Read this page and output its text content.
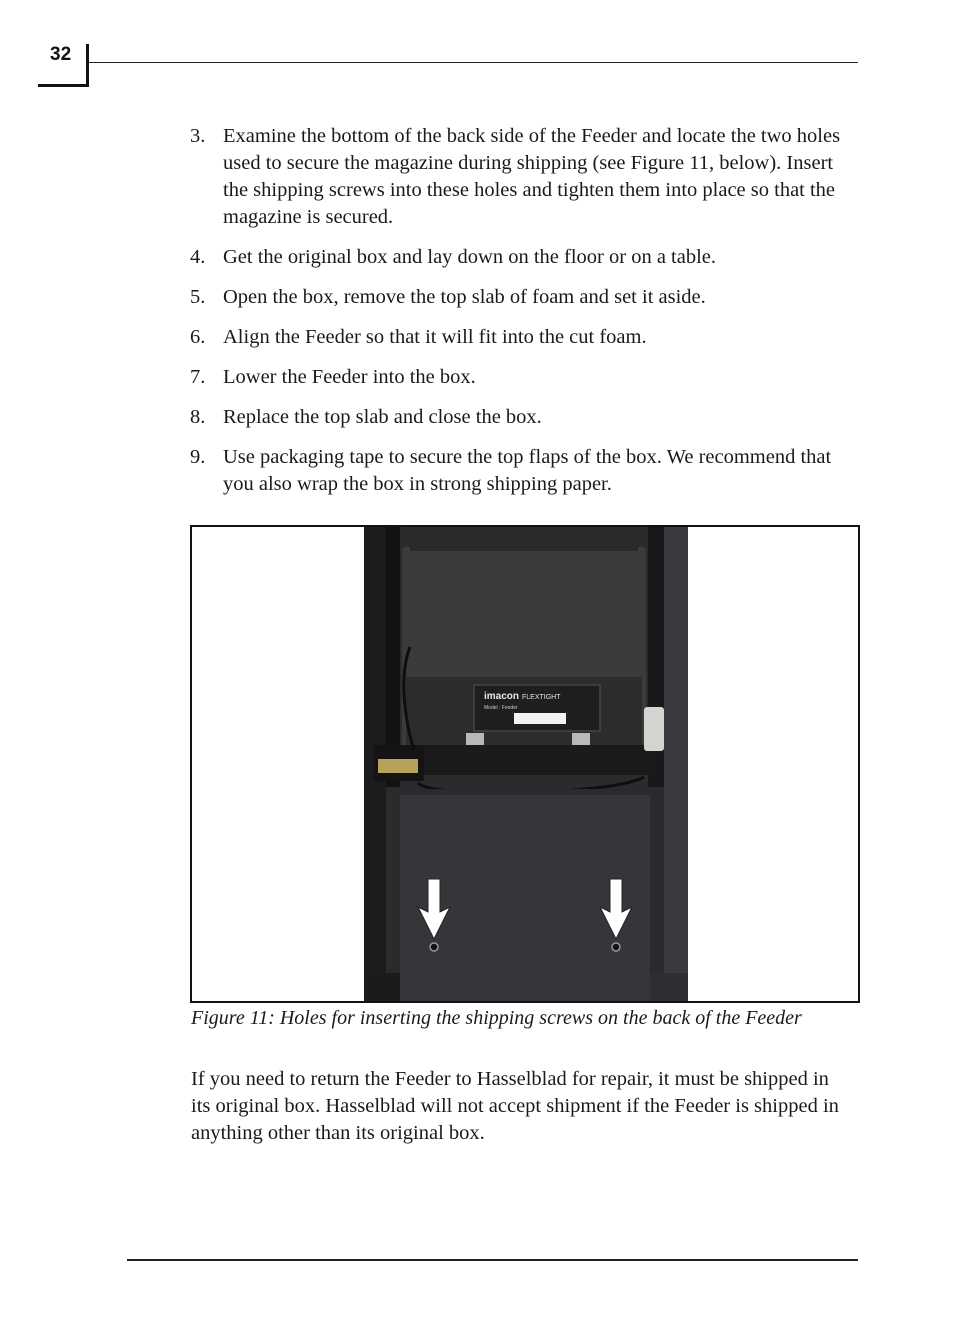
32
3. Examine the bottom of the back side of the Feeder and locate the two holes used to secure the magazine during shipping (see Figure 11, below). Insert the shipping screws into these holes and tighten them into place so that the magazine is secured.
4. Get the original box and lay down on the floor or on a table.
5. Open the box, remove the top slab of foam and set it aside.
6. Align the Feeder so that it will fit into the cut foam.
7. Lower the Feeder into the box.
8. Replace the top slab and close the box.
9. Use packaging tape to secure the top flaps of the box. We recommend that you also wrap the box in strong shipping paper.
imacon FLEXTIGHT
Model : Feeder
Figure 11: Holes for inserting the shipping screws on the back of the Feeder

If you need to return the Feeder to Hasselblad for repair, it must be shipped in its original box. Hasselblad will not accept shipment if the Feeder is shipped in anything other than its original box.
